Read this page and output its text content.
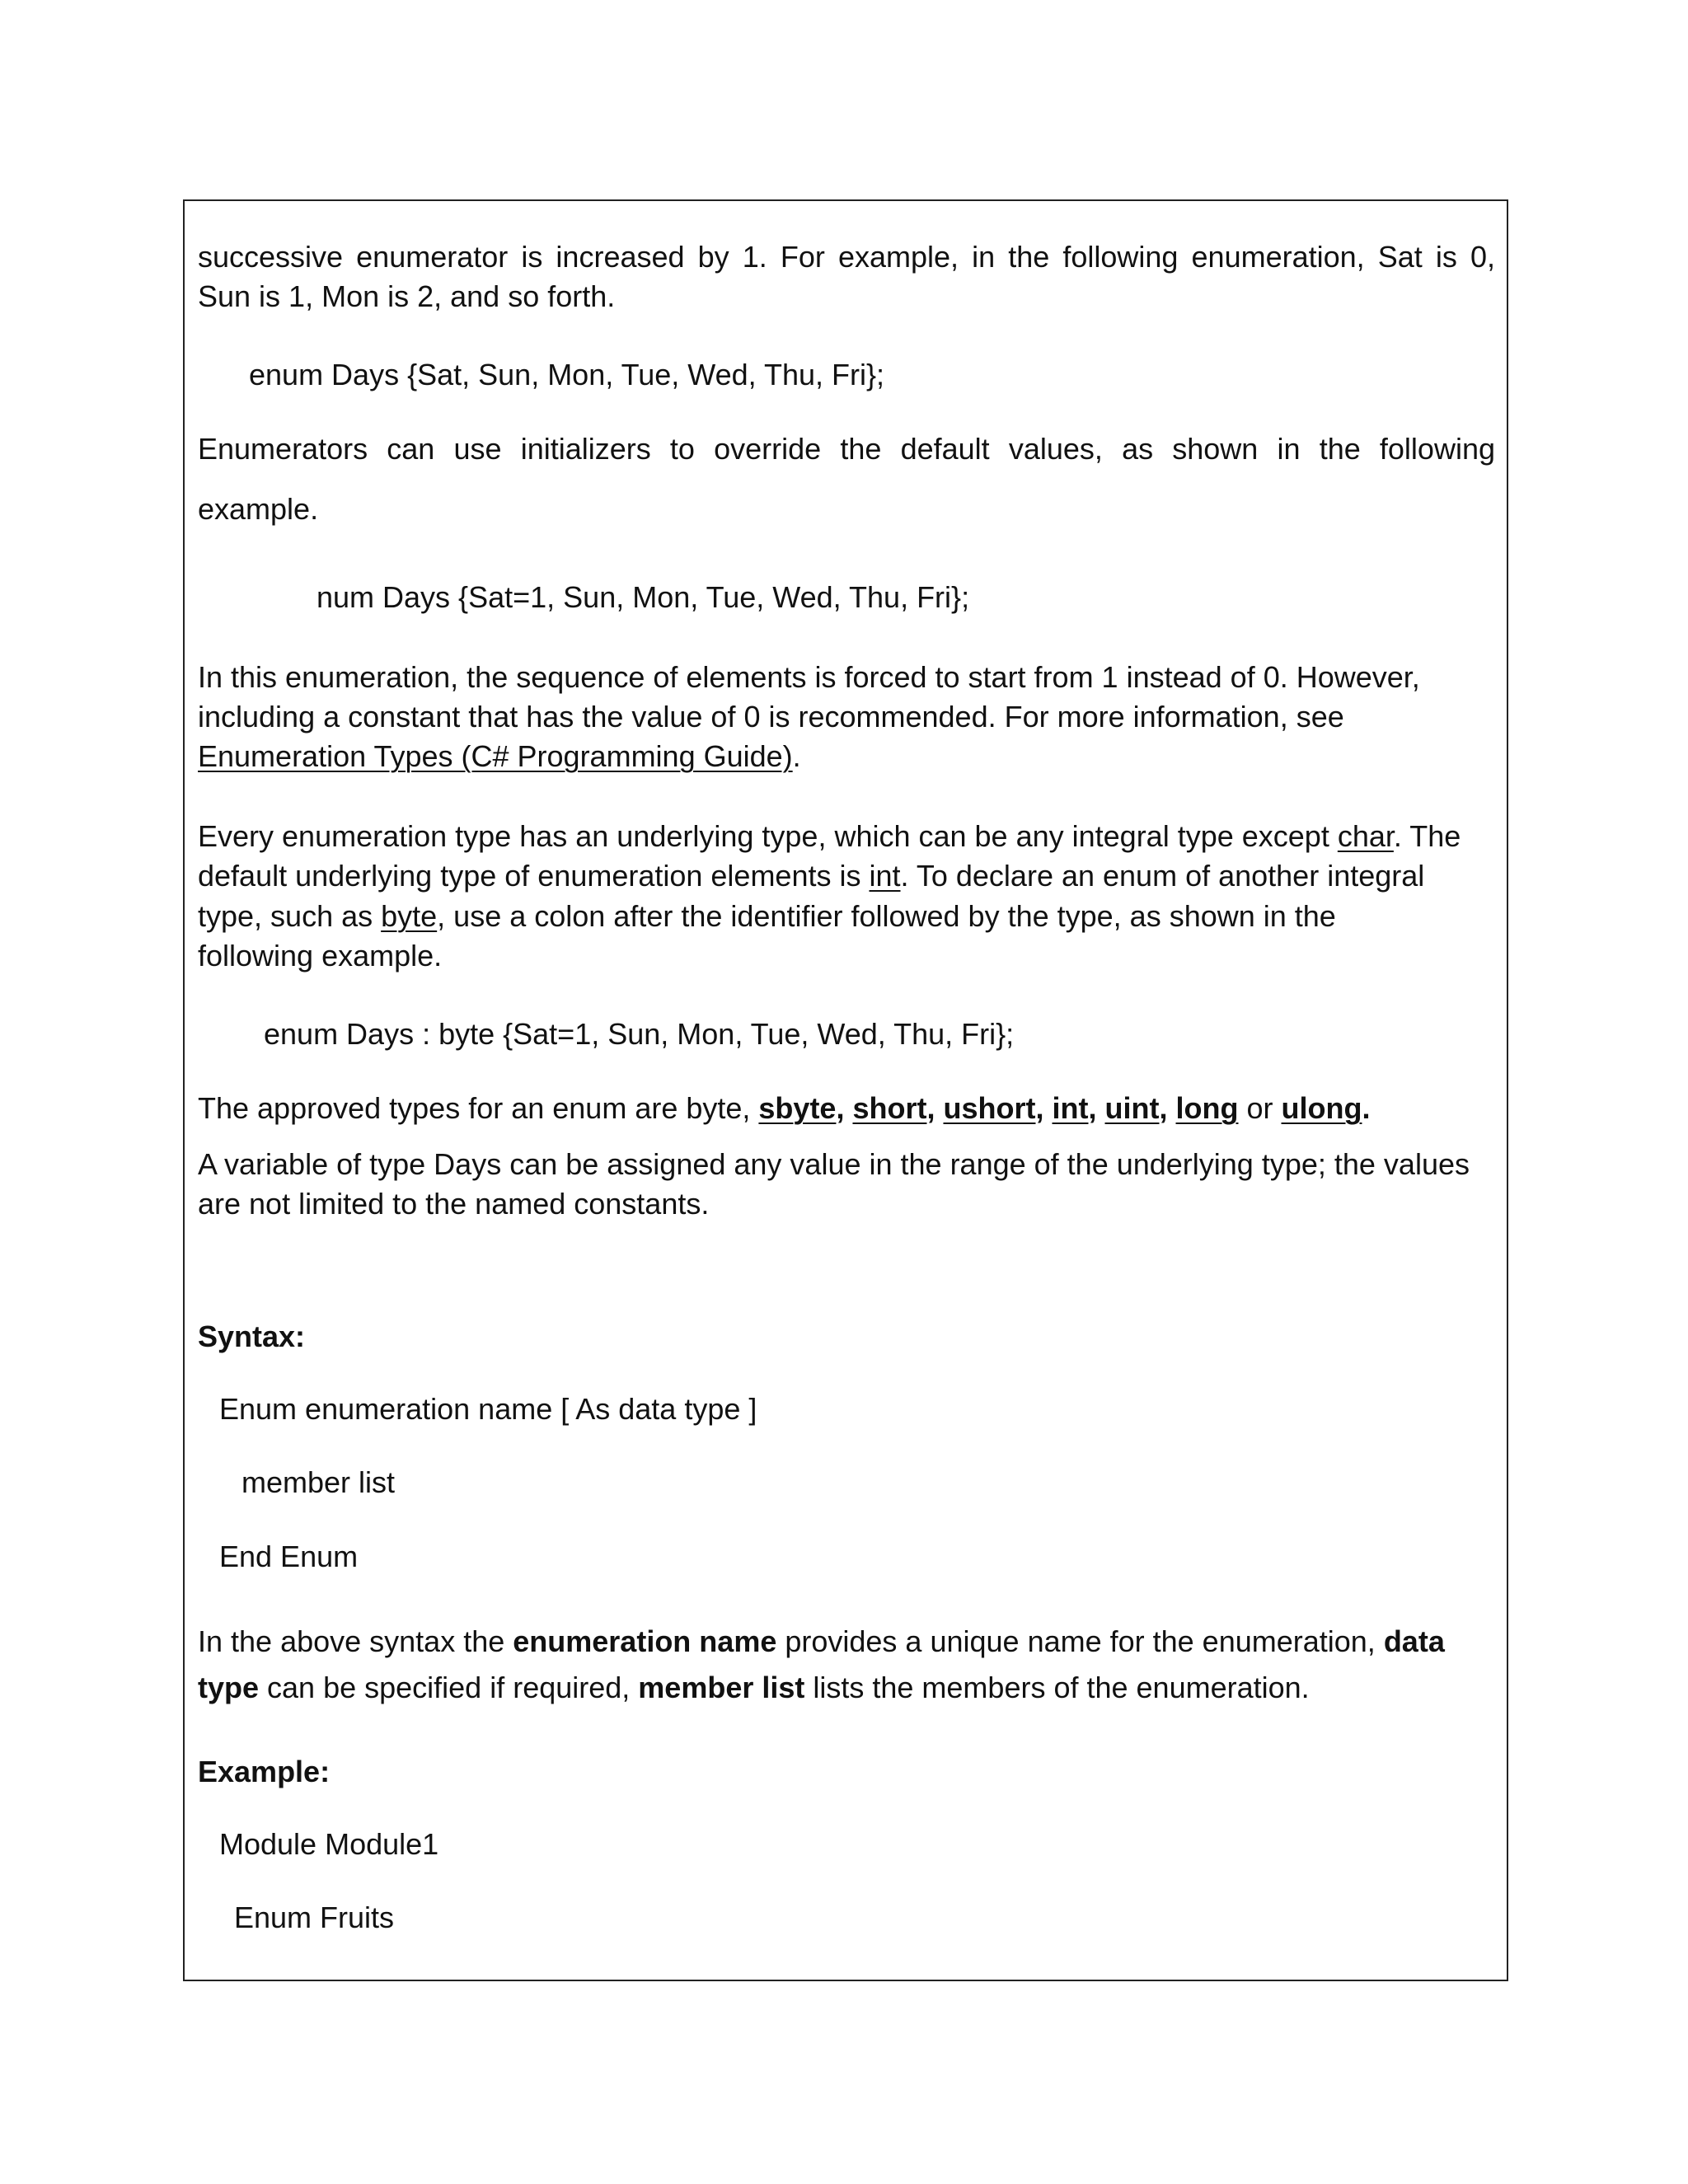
successive enumerator is increased by 1. For example, in the following enumeration, Sat is 0,

Sun is 1, Mon is 2, and so forth.

enum Days {Sat, Sun, Mon, Tue, Wed, Thu, Fri};

Enumerators can use initializers to override the default values, as shown in the following

example.

num Days {Sat=1, Sun, Mon, Tue, Wed, Thu, Fri};

In this enumeration, the sequence of elements is forced to start from 1 instead of 0. However,

including a constant that has the value of 0 is recommended. For more information, see

Enumeration Types (C# Programming Guide).

Every enumeration type has an underlying type, which can be any integral type except char. The

default underlying type of enumeration elements is int. To declare an enum of another integral

type, such as byte, use a colon after the identifier followed by the type, as shown in the

following example.

enum Days : byte {Sat=1, Sun, Mon, Tue, Wed, Thu, Fri};

The approved types for an enum are byte, sbyte, short, ushort, int, uint, long or ulong.

A variable of type Days can be assigned any value in the range of the underlying type; the values

are not limited to the named constants.

Syntax:

Enum enumeration name [ As data type ]

member list

End Enum

In the above syntax the enumeration name provides a unique name for the enumeration, data

type can be specified if required, member list lists the members of the enumeration.

Example:

Module Module1

Enum Fruits
